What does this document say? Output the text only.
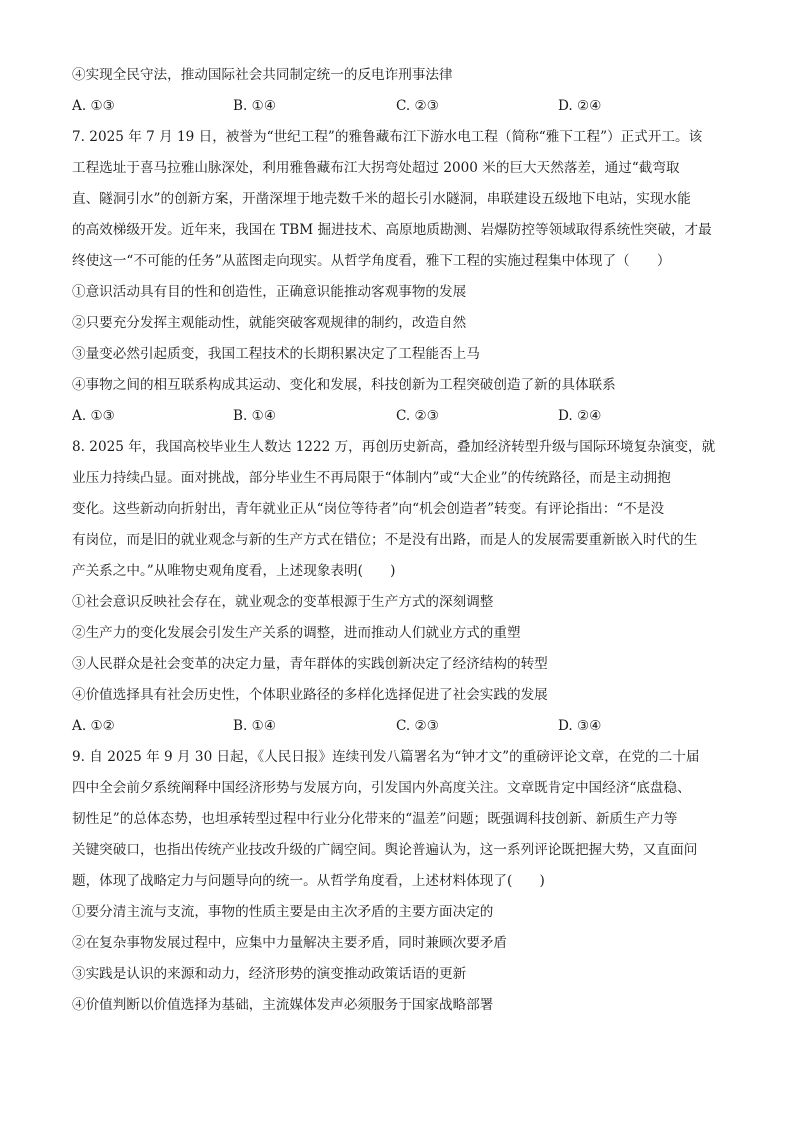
④实现全民守法，推动国际社会共同制定统一的反电诈刑事法律
A. ①③	B. ①④	C. ②③	D. ②④
7. 2025 年 7 月 19 日，被誉为“世纪工程”的雅鲁藏布江下游水电工程（简称“雅下工程”）正式开工。该
工程选址于喜马拉雅山脉深处，利用雅鲁藏布江大拐弯处超过 2000 米的巨大天然落差，通过“截弯取
直、隧洞引水”的创新方案，开凿深埋于地壳数千米的超长引水隧洞，串联建设五级地下电站，实现水能
的高效梯级开发。近年来，我国在 TBM 掘进技术、高原地质勘测、岩爆防控等领域取得系统性突破，才最
终使这一“不可能的任务”从蓝图走向现实。从哲学角度看，雅下工程的实施过程集中体现了（　　）
①意识活动具有目的性和创造性，正确意识能推动客观事物的发展
②只要充分发挥主观能动性，就能突破客观规律的制约，改造自然
③量变必然引起质变，我国工程技术的长期积累决定了工程能否上马
④事物之间的相互联系构成其运动、变化和发展，科技创新为工程突破创造了新的具体联系
A. ①③	B. ①④	C. ②③	D. ②④
8. 2025 年，我国高校毕业生人数达 1222 万，再创历史新高，叠加经济转型升级与国际环境复杂演变，就
业压力持续凸显。面对挑战，部分毕业生不再局限于“体制内”或“大企业”的传统路径，而是主动拥抱
变化。这些新动向折射出，青年就业正从“岗位等待者”向“机会创造者”转变。有评论指出：“不是没
有岗位，而是旧的就业观念与新的生产方式在错位；不是没有出路，而是人的发展需要重新嵌入时代的生
产关系之中。”从唯物史观角度看，上述现象表明(　　)
①社会意识反映社会存在，就业观念的变革根源于生产方式的深刻调整
②生产力的变化发展会引发生产关系的调整，进而推动人们就业方式的重塑
③人民群众是社会变革的决定力量，青年群体的实践创新决定了经济结构的转型
④价值选择具有社会历史性，个体职业路径的多样化选择促进了社会实践的发展
A. ①②	B. ①④	C. ②③	D. ③④
9. 自 2025 年 9 月 30 日起，《人民日报》连续刊发八篇署名为“钟才文”的重磅评论文章，在党的二十届
四中全会前夕系统阐释中国经济形势与发展方向，引发国内外高度关注。文章既肯定中国经济“底盘稳、
韧性足”的总体态势，也坦承转型过程中行业分化带来的“温差”问题；既强调科技创新、新质生产力等
关键突破口，也指出传统产业技改升级的广阔空间。舆论普遍认为，这一系列评论既把握大势，又直面问
题，体现了战略定力与问题导向的统一。从哲学角度看，上述材料体现了(　　)
①要分清主流与支流，事物的性质主要是由主次矛盾的主要方面决定的
②在复杂事物发展过程中，应集中力量解决主要矛盾，同时兼顾次要矛盾
③实践是认识的来源和动力，经济形势的演变推动政策话语的更新
④价值判断以价值选择为基础，主流媒体发声必须服务于国家战略部署
